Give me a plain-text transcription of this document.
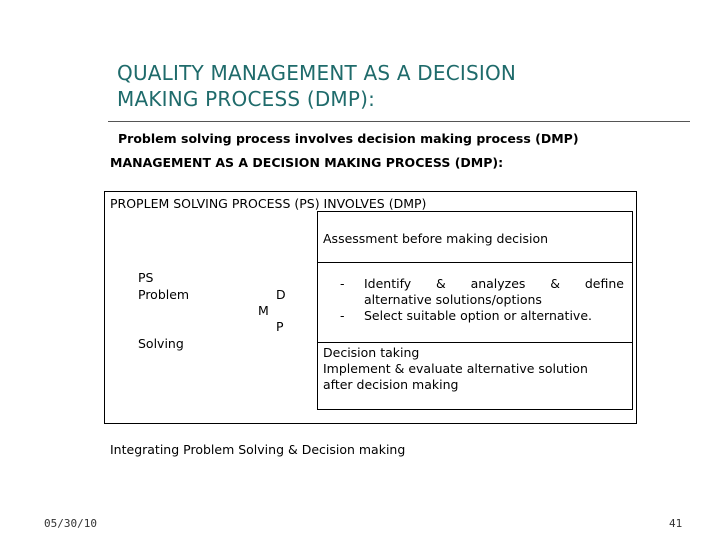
QUALITY MANAGEMENT AS A DECISION
MAKING PROCESS (DMP):
Problem solving process involves decision making process (DMP)
MANAGEMENT AS A DECISION MAKING PROCESS (DMP):
PROPLEM SOLVING PROCESS (PS) INVOLVES (DMP)
PS
Problem	D
M
P
Solving
Assessment before making decision
- Identify & analyzes & define
alternative solutions/options
-	Select suitable option or alternative.
Decision taking
Implement & evaluate alternative solution
after decision making
Integrating Problem Solving & Decision making
05/30/10	41
